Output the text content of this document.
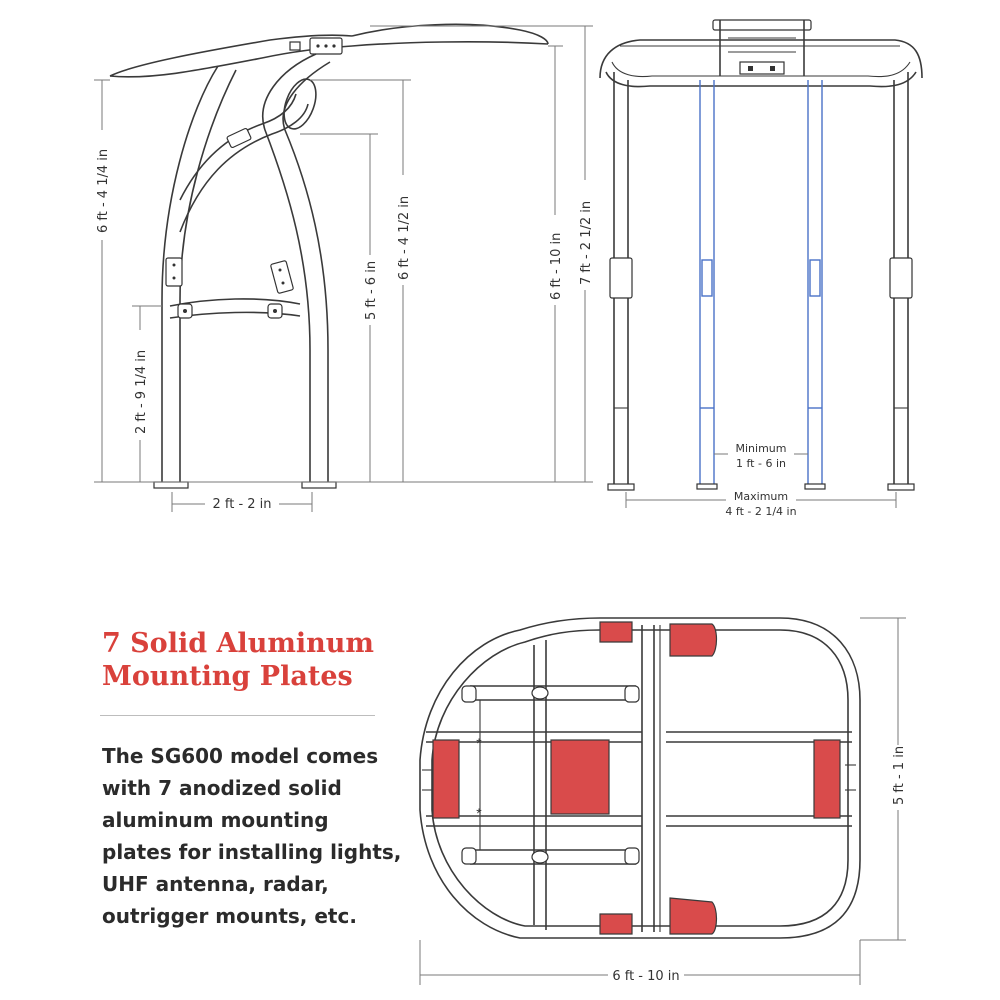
6 ft - 4 1/4 in
2 ft - 9 1/4 in
5 ft - 6 in
6 ft - 4 1/2 in	6 ft - 10 in 7 ft - 2 1/2 in
2 ft - 2 in
Minimum
1 ft - 6 in
Maximum
4 ft - 2 1/4 in
*
*
5 ft - 1 in
6 ft - 10 in
7 Solid Aluminum
Mounting Plates

The SG600 model comes
with 7 anodized solid
aluminum mounting
plates for installing lights,
UHF antenna, radar,
outrigger mounts, etc.
